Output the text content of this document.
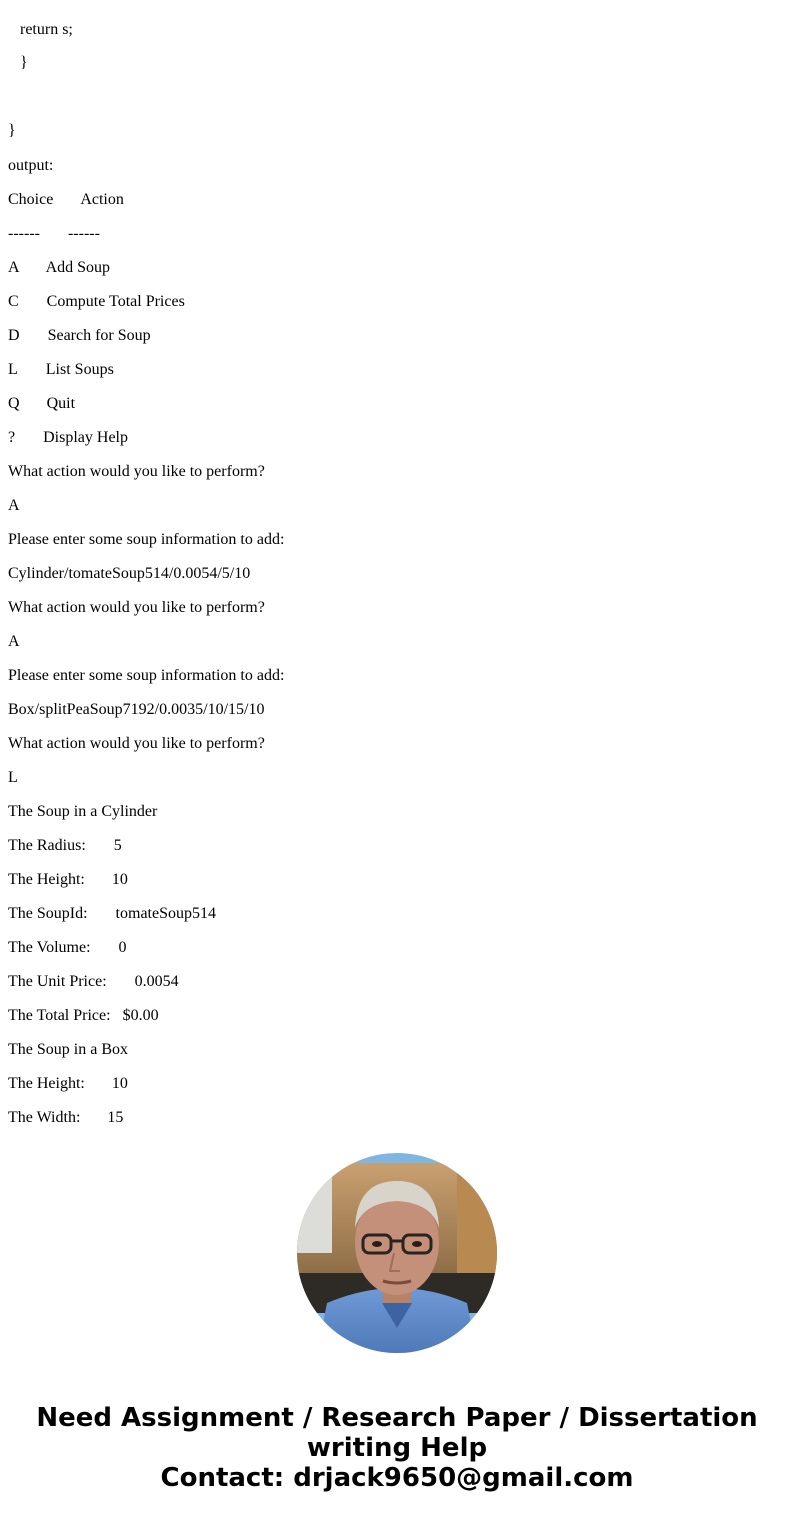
return s;
}
}
output:
Choice Action
------ ------
A Add Soup
C Compute Total Prices
D Search for Soup
L List Soups
Q Quit
? Display Help
What action would you like to perform?
A
Please enter some soup information to add:
Cylinder/tomateSoup514/0.0054/5/10
What action would you like to perform?
A
Please enter some soup information to add:
Box/splitPeaSoup7192/0.0035/10/15/10
What action would you like to perform?
L
The Soup in a Cylinder
The Radius: 5
The Height: 10
The SoupId: tomateSoup514
The Volume: 0
The Unit Price: 0.0054
The Total Price: $0.00
The Soup in a Box
The Height: 10
The Width: 15
Need Assignment / Research Paper / Dissertation
writing Help
Contact: drjack9650@gmail.com
